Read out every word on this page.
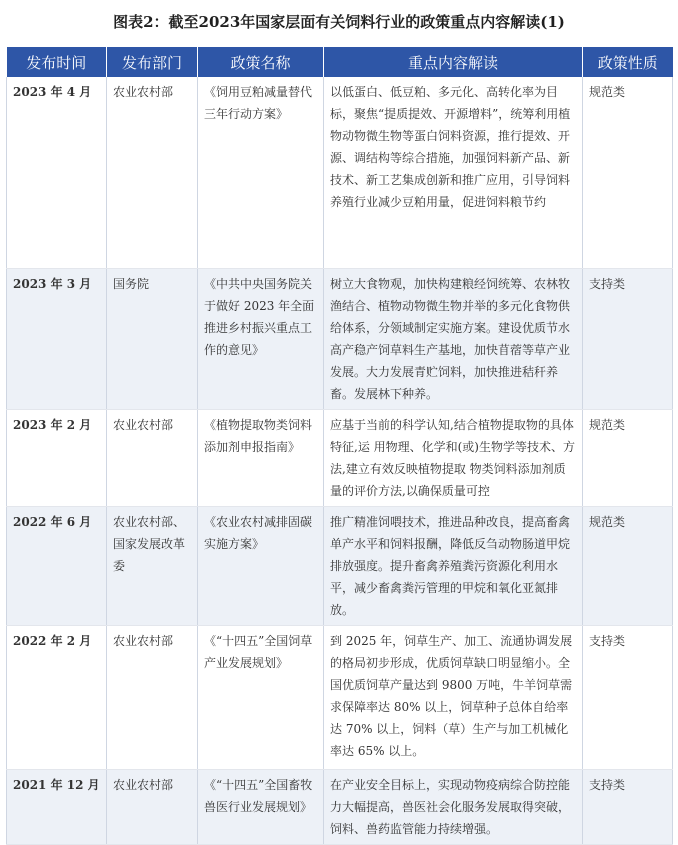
图表2：截至2023年国家层面有关饲料行业的政策重点内容解读(1)
发布时间	发布部门	政策名称	重点内容解读	政策性质
2023 年 4 月	农业农村部	《饲用豆粕减量替代三年行动方案》	以低蛋白、低豆粕、多元化、高转化率为目标，聚焦“提质提效、开源增料”，统筹利用植物动物微生物等蛋白饲料资源，推行提效、开源、调结构等综合措施，加强饲料新产品、新技术、新工艺集成创新和推广应用，引导饲料养殖行业减少豆粕用量，促进饲料粮节约	规范类
2023 年 3 月	国务院	《中共中央国务院关于做好 2023 年全面推进乡村振兴重点工作的意见》	树立大食物观，加快构建粮经饲统筹、农林牧渔结合、植物动物微生物并举的多元化食物供给体系，分领域制定实施方案。建设优质节水高产稳产饲草料生产基地，加快苜蓿等草产业发展。大力发展青贮饲料，加快推进秸秆养畜。发展林下种养。	支持类
2023 年 2 月	农业农村部	《植物提取物类饲料添加剂申报指南》	应基于当前的科学认知,结合植物提取物的具体特征,运 用物理、化学和(或)生物学等技术、方法,建立有效反映植物提取 物类饲料添加剂质量的评价方法,以确保质量可控	规范类
2022 年 6 月	农业农村部、国家发展改革委	《农业农村减排固碳实施方案》	推广精准饲喂技术，推进品种改良，提高畜禽单产水平和饲料报酬，降低反刍动物肠道甲烷排放强度。提升畜禽养殖粪污资源化利用水平，减少畜禽粪污管理的甲烷和氧化亚氮排放。	规范类
2022 年 2 月	农业农村部	《“十四五”全国饲草产业发展规划》	到 2025 年，饲草生产、加工、流通协调发展的格局初步形成，优质饲草缺口明显缩小。全国优质饲草产量达到 9800 万吨，牛羊饲草需求保障率达 80% 以上，饲草种子总体自给率达 70% 以上，饲料（草）生产与加工机械化率达 65% 以上。	支持类
2021 年 12 月	农业农村部	《“十四五”全国畜牧兽医行业发展规划》	在产业安全目标上，实现动物疫病综合防控能力大幅提高，兽医社会化服务发展取得突破，饲料、兽药监管能力持续增强。	支持类
